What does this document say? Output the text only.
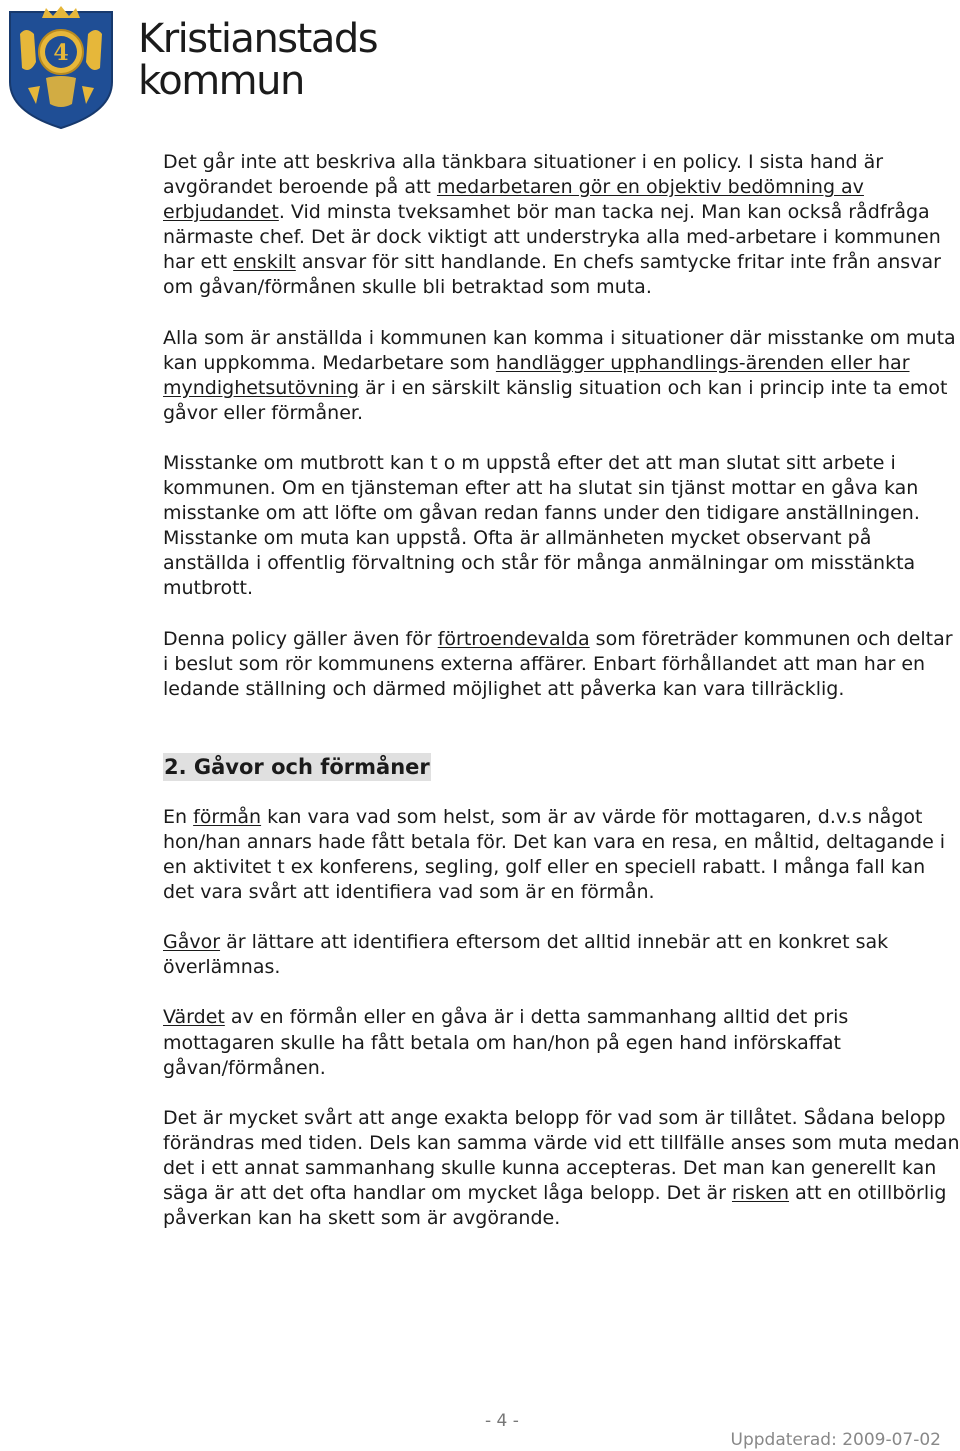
4 Kristianstads
kommun

Det går inte att beskriva alla tänkbara situationer i en policy. I sista hand är avgörandet beroende på att medarbetaren gör en objektiv bedömning av erbjudandet. Vid minsta tveksamhet bör man tacka nej. Man kan också rådfråga närmaste chef. Det är dock viktigt att understryka alla med-arbetare i kommunen har ett enskilt ansvar för sitt handlande. En chefs samtycke fritar inte från ansvar om gåvan/förmånen skulle bli betraktad som muta.

Alla som är anställda i kommunen kan komma i situationer där misstanke om muta kan uppkomma. Medarbetare som handlägger upphandlings-ärenden eller har myndighetsutövning är i en särskilt känslig situation och kan i princip inte ta emot gåvor eller förmåner.

Misstanke om mutbrott kan t o m uppstå efter det att man slutat sitt arbete i kommunen. Om en tjänsteman efter att ha slutat sin tjänst mottar en gåva kan misstanke om att löfte om gåvan redan fanns under den tidigare anställningen. Misstanke om muta kan uppstå. Ofta är allmänheten mycket observant på anställda i offentlig förvaltning och står för många anmälningar om misstänkta mutbrott.

Denna policy gäller även för förtroendevalda som företräder kommunen och deltar i beslut som rör kommunens externa affärer. Enbart förhållandet att man har en ledande ställning och därmed möjlighet att påverka kan vara tillräcklig.

2. Gåvor och förmåner

En förmån kan vara vad som helst, som är av värde för mottagaren, d.v.s något hon/han annars hade fått betala för. Det kan vara en resa, en måltid, deltagande i en aktivitet t ex konferens, segling, golf eller en speciell rabatt. I många fall kan det vara svårt att identifiera vad som är en förmån.

Gåvor är lättare att identifiera eftersom det alltid innebär att en konkret sak överlämnas.

Värdet av en förmån eller en gåva är i detta sammanhang alltid det pris mottagaren skulle ha fått betala om han/hon på egen hand införskaffat gåvan/förmånen.

Det är mycket svårt att ange exakta belopp för vad som är tillåtet. Sådana belopp förändras med tiden. Dels kan samma värde vid ett tillfälle anses som muta medan det i ett annat sammanhang skulle kunna accepteras. Det man kan generellt kan säga är att det ofta handlar om mycket låga belopp. Det är risken att en otillbörlig påverkan kan ha skett som är avgörande.

- 4 -
Uppdaterad: 2009-07-02
